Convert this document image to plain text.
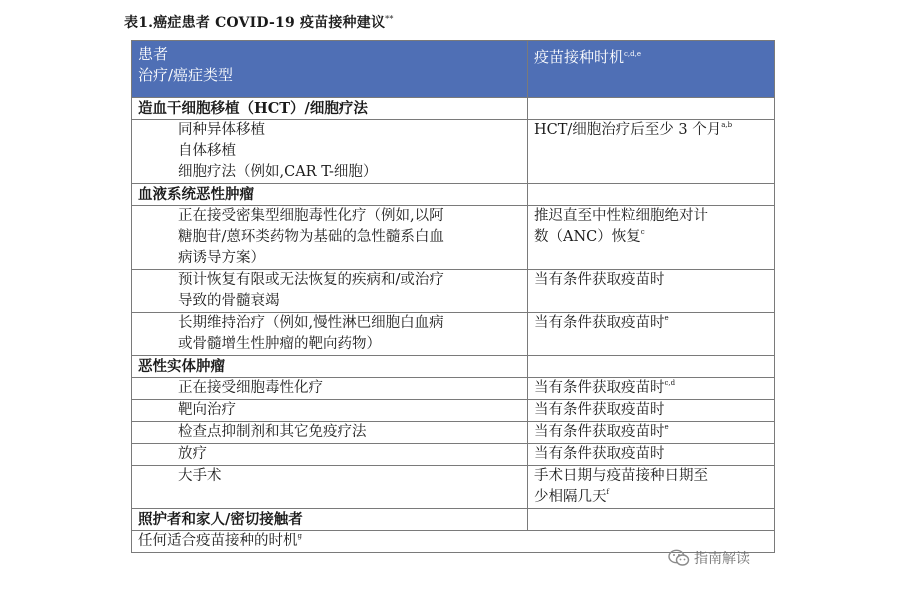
表1.癌症患者 COVID-19 疫苗接种建议**
患者
治疗/癌症类型	疫苗接种时机$^{c,d,e}$
造血干细胞移植（HCT）/细胞疗法	

同种异体移植
自体移植
细胞疗法（例如,CAR T-细胞）	HCT/细胞治疗后至少 3 个月$^{a,b}$

血液系统恶性肿瘤	

正在接受密集型细胞毒性化疗（例如,以阿
糖胞苷/蒽环类药物为基础的急性髓系白血
病诱导方案）	推迟直至中性粒细胞绝对计
数（ANC）恢复$^c$

预计恢复有限或无法恢复的疾病和/或治疗
导致的骨髓衰竭	当有条件获取疫苗时

长期维持治疗（例如,慢性淋巴细胞白血病
或骨髓增生性肿瘤的靶向药物）	当有条件获取疫苗时$^e$

恶性实体肿瘤	

正在接受细胞毒性化疗	当有条件获取疫苗时$^{c,d}$

靶向治疗	当有条件获取疫苗时

检查点抑制剂和其它免疫疗法	当有条件获取疫苗时$^e$

放疗	当有条件获取疫苗时

大手术	手术日期与疫苗接种日期至
少相隔几天$^f$

照护者和家人/密切接触者	
任何适合疫苗接种的时机$^g$
指南解读
